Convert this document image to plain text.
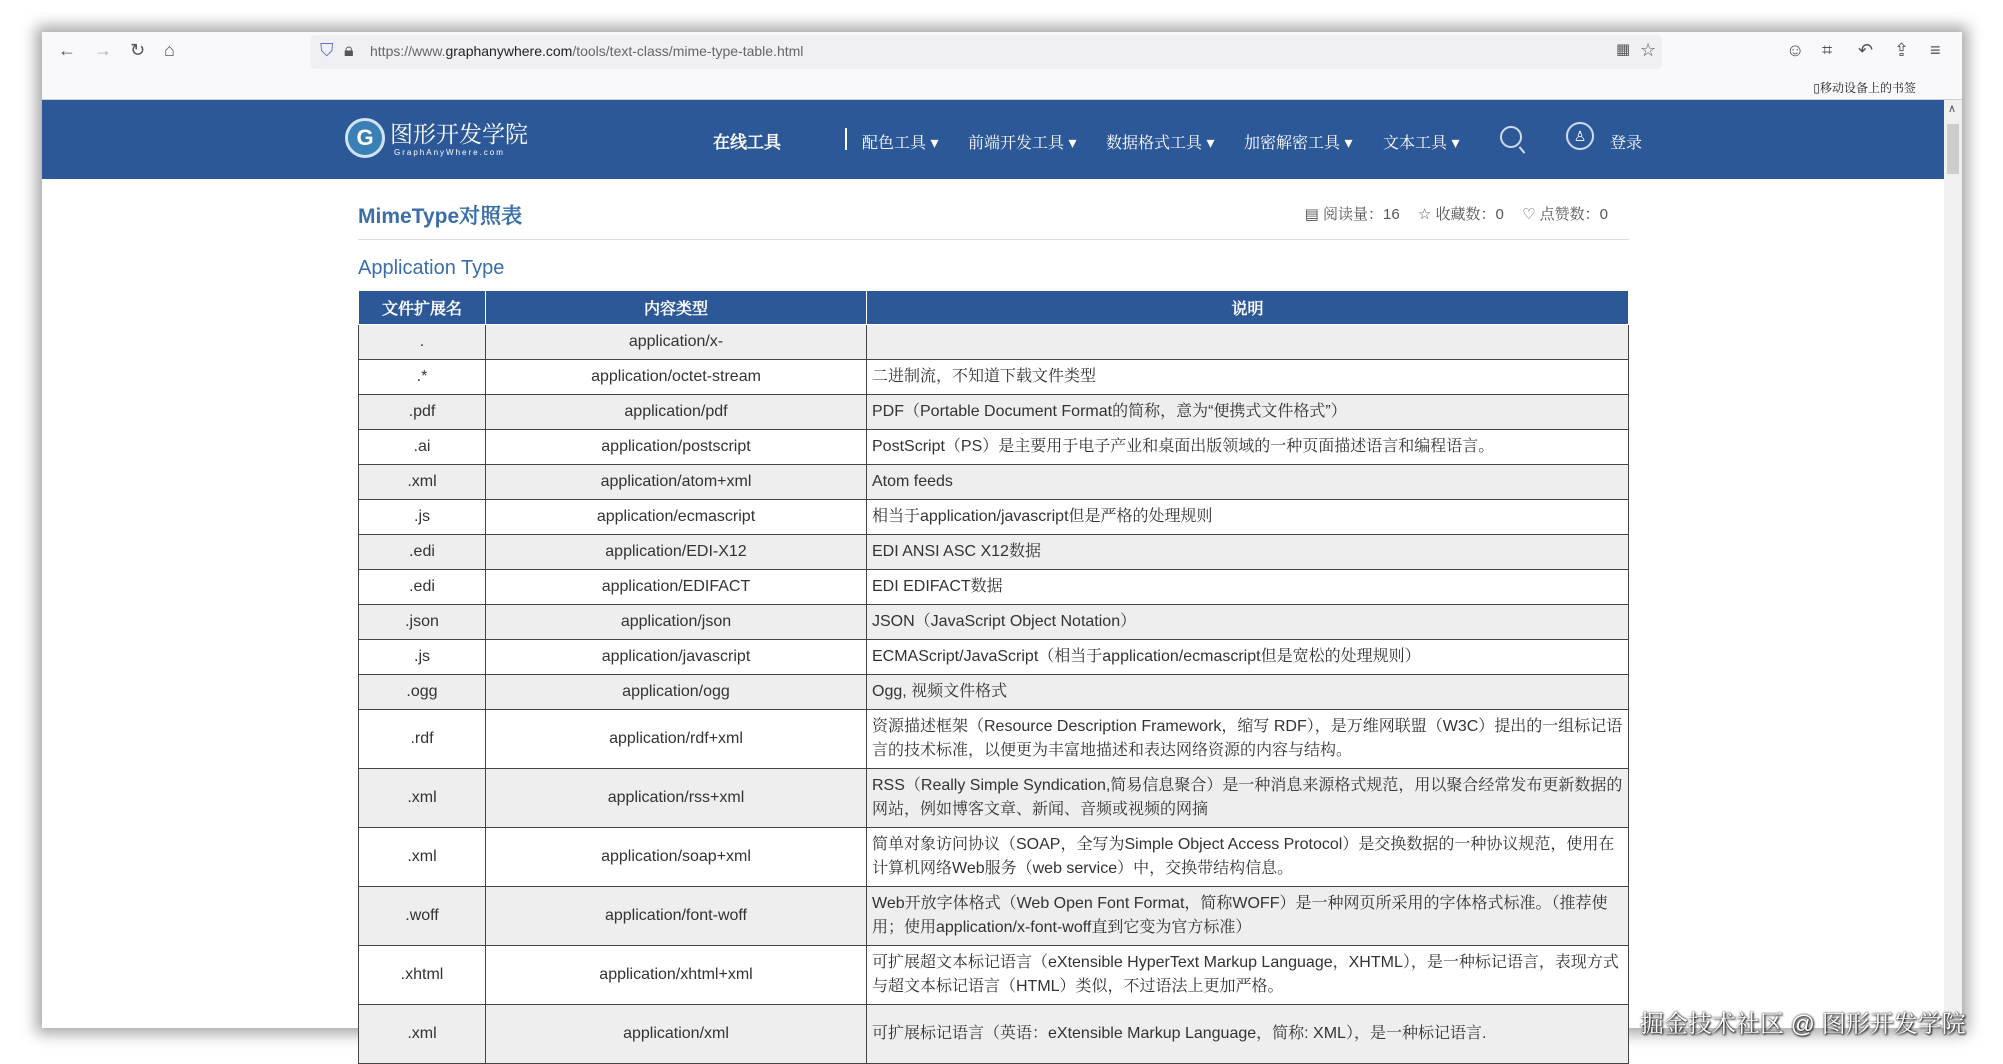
← → ↻ ⌂	⛉ 🔒︎ https://www.graphanywhere.com/tools/text-class/mime-type-table.html	▦ ☆	☺ ⌗ ↶ ⇪ ≡
▯移动设备上的书签
G 图形开发学院
GraphAnyWhere.com
在线工具	配色工具 ▾ 前端开发工具 ▾ 数据格式工具 ▾ 加密解密工具 ▾ 文本工具 ▾	♙	登录
∧
MimeType对照表	▤ 阅读量：16 ☆ 收藏数：0 ♡ 点赞数：0
Application Type
文件扩展名	内容类型	说明
.	application/x-	
.*	application/octet-stream	二进制流，不知道下载文件类型
.pdf	application/pdf	PDF（Portable Document Format的简称，意为“便携式文件格式”）
.ai	application/postscript	PostScript（PS）是主要用于电子产业和桌面出版领域的一种页面描述语言和编程语言。
.xml	application/atom+xml	Atom feeds
.js	application/ecmascript	相当于application/javascript但是严格的处理规则
.edi	application/EDI-X12	EDI ANSI ASC X12数据
.edi	application/EDIFACT	EDI EDIFACT数据
.json	application/json	JSON（JavaScript Object Notation）
.js	application/javascript	ECMAScript/JavaScript（相当于application/ecmascript但是宽松的处理规则）
.ogg	application/ogg	Ogg, 视频文件格式
.rdf	application/rdf+xml	资源描述框架（Resource Description Framework，缩写 RDF），是万维网联盟（W3C）提出的一组标记语言的技术标准，以便更为丰富地描述和表达网络资源的内容与结构。
.xml	application/rss+xml	RSS（Really Simple Syndication,简易信息聚合）是一种消息来源格式规范，用以聚合经常发布更新数据的网站，例如博客文章、新闻、音频或视频的网摘
.xml	application/soap+xml	简单对象访问协议（SOAP，全写为Simple Object Access Protocol）是交换数据的一种协议规范，使用在计算机网络Web服务（web service）中，交换带结构信息。
.woff	application/font-woff	Web开放字体格式（Web Open Font Format，简称WOFF）是一种网页所采用的字体格式标准。（推荐使用；使用application/x-font-woff直到它变为官方标准）
.xhtml	application/xhtml+xml	可扩展超文本标记语言（eXtensible HyperText Markup Language，XHTML），是一种标记语言，表现方式与超文本标记语言（HTML）类似，不过语法上更加严格。
.xml	application/xml	可扩展标记语言（英语：eXtensible Markup Language，简称: XML），是一种标记语言.	掘金技术社区 @ 图形开发学院
